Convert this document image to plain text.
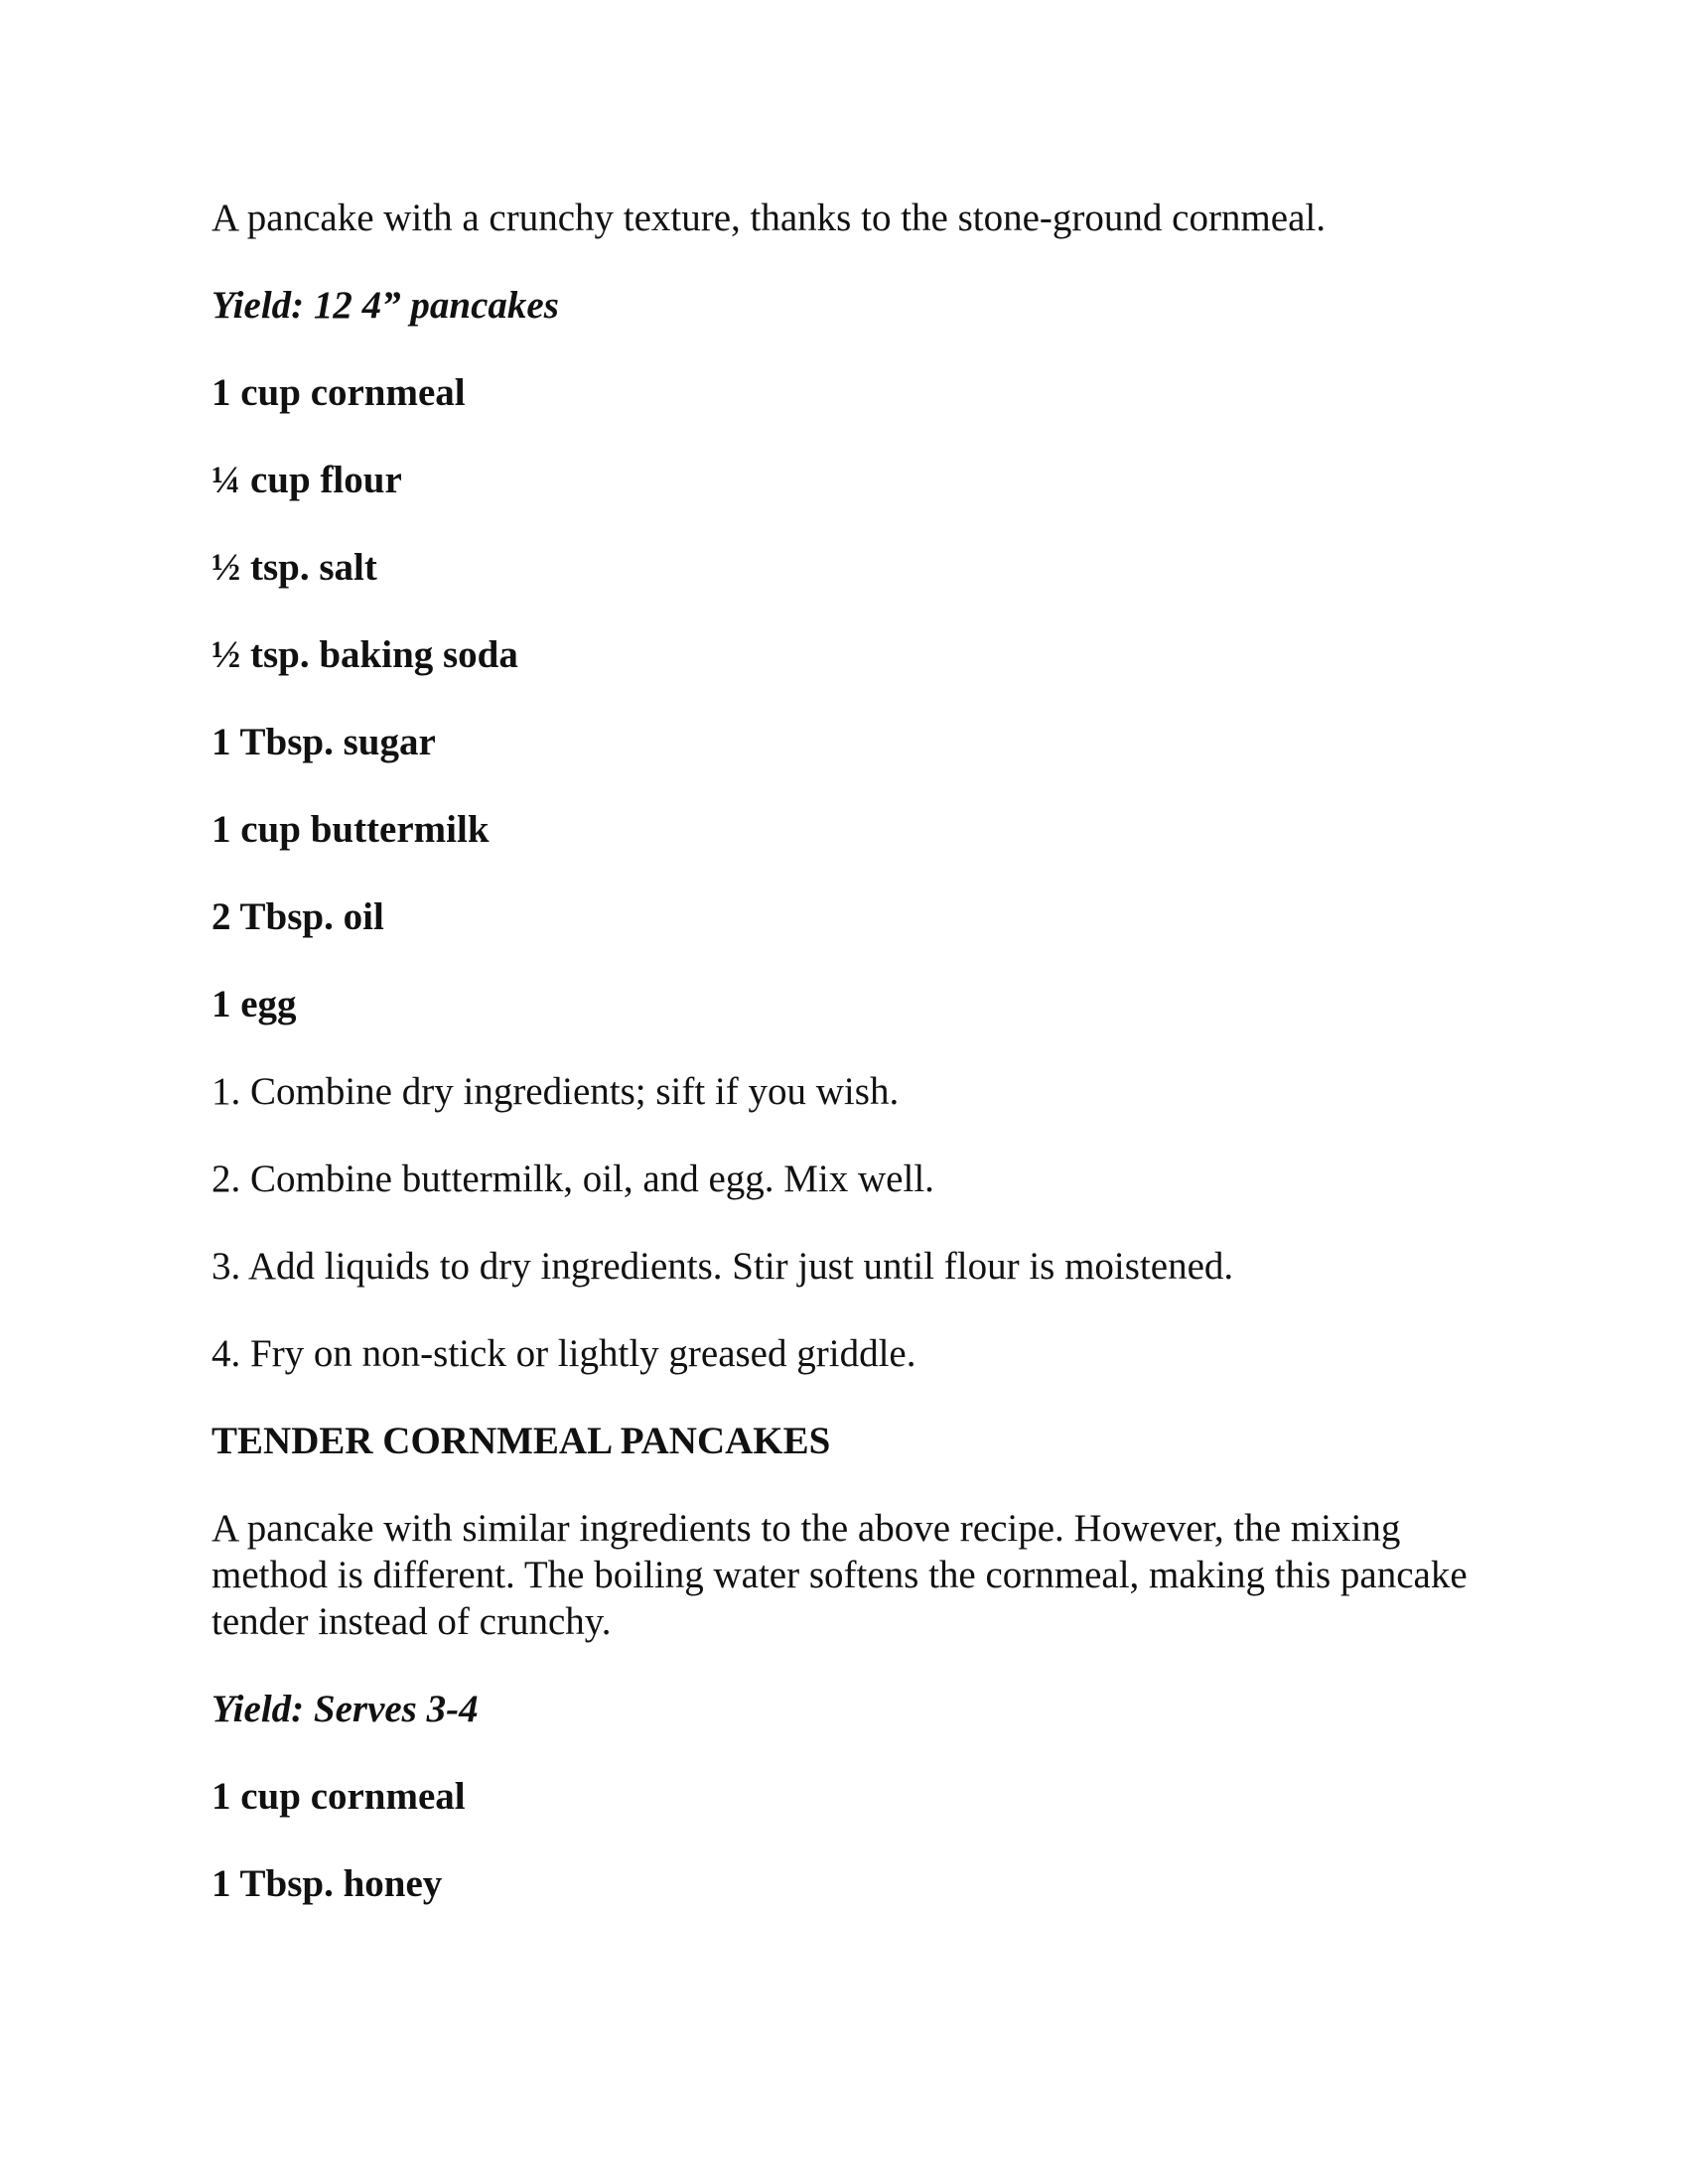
A pancake with a crunchy texture, thanks to the stone-ground cornmeal.

Yield: 12 4” pancakes

1 cup cornmeal

¼ cup flour

½ tsp. salt

½ tsp. baking soda

1 Tbsp. sugar

1 cup buttermilk

2 Tbsp. oil

1 egg

1. Combine dry ingredients; sift if you wish.

2. Combine buttermilk, oil, and egg. Mix well.

3. Add liquids to dry ingredients. Stir just until flour is moistened.

4. Fry on non-stick or lightly greased griddle.

TENDER CORNMEAL PANCAKES

A pancake with similar ingredients to the above recipe. However, the mixing method is different. The boiling water softens the cornmeal, making this pancake tender instead of crunchy.

Yield: Serves 3-4

1 cup cornmeal

1 Tbsp. honey
